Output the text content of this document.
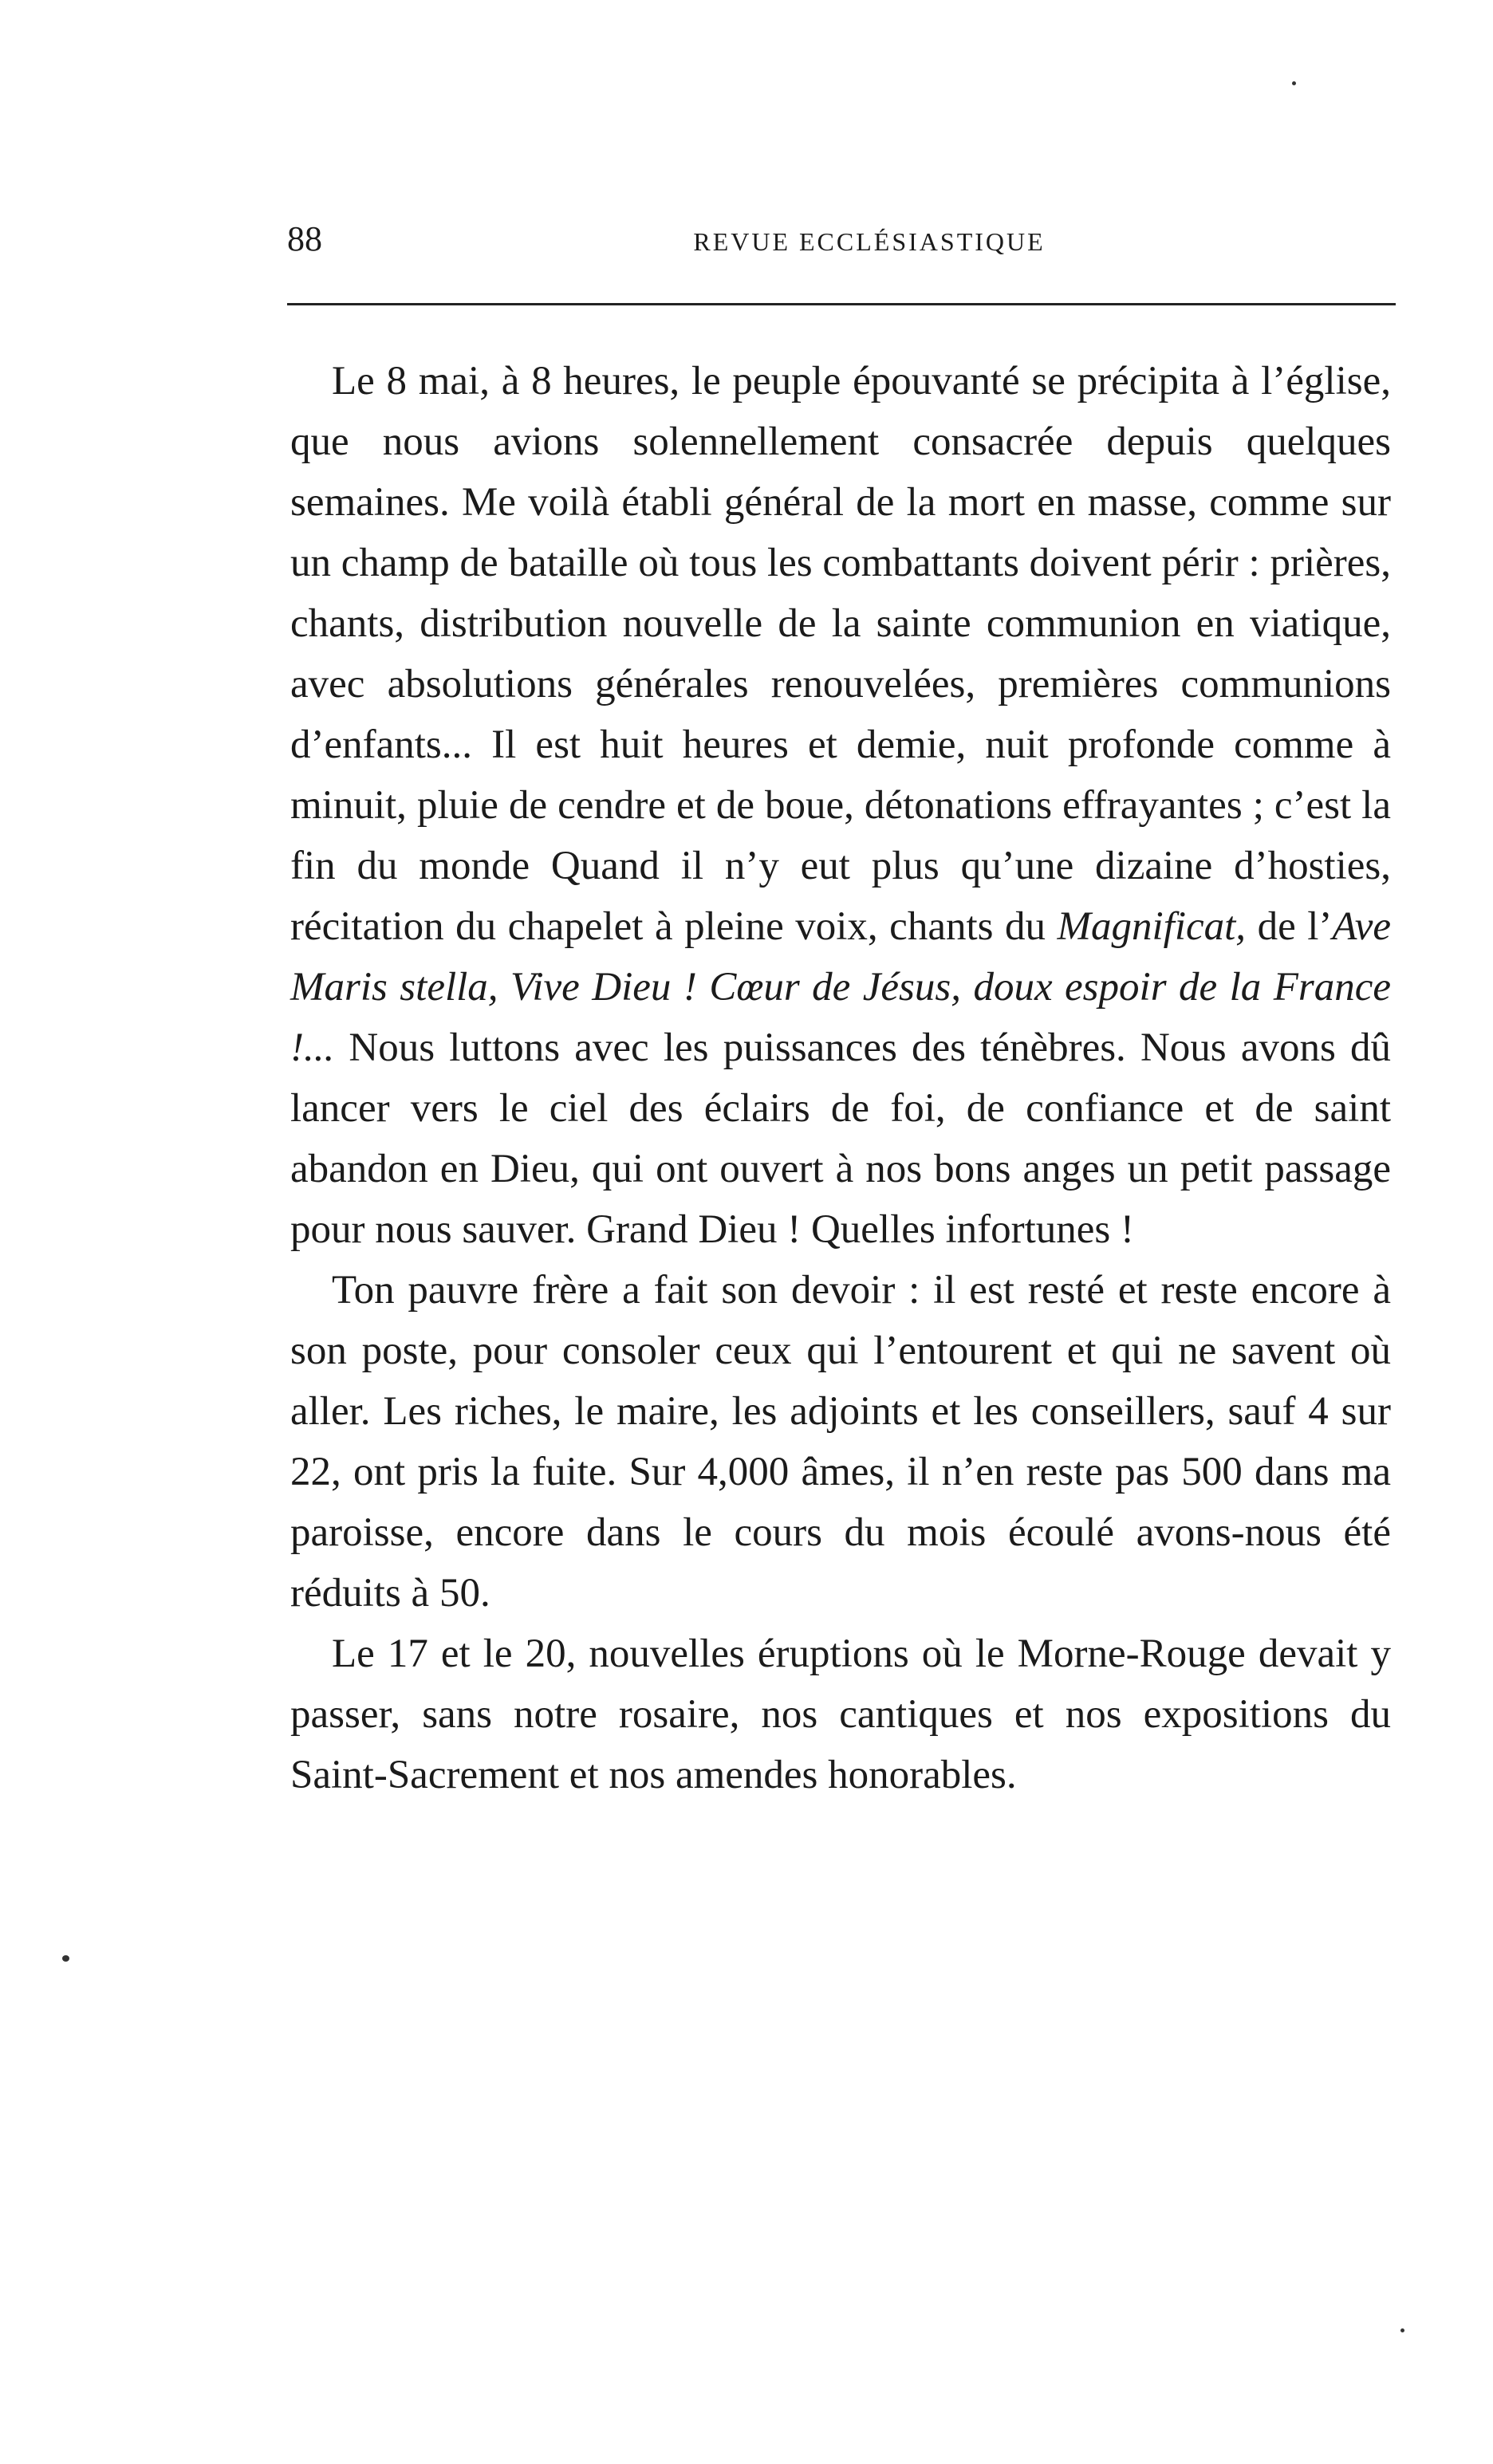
88	REVUE ECCLÉSIASTIQUE

Le 8 mai, à 8 heures, le peuple épouvanté se précipita à l’église, que nous avions solennellement consacrée depuis quelques semaines. Me voilà établi général de la mort en masse, comme sur un champ de bataille où tous les combattants doivent périr : prières, chants, distribution nouvelle de la sainte communion en viatique, avec absolutions générales renouvelées, premières communions d’enfants... Il est huit heures et demie, nuit profonde comme à minuit, pluie de cendre et de boue, détonations effrayantes ; c’est la fin du monde Quand il n’y eut plus qu’une dizaine d’hosties, récitation du chapelet à pleine voix, chants du Magnificat, de l’Ave Maris stella, Vive Dieu ! Cœur de Jésus, doux espoir de la France !... Nous luttons avec les puissances des ténèbres. Nous avons dû lancer vers le ciel des éclairs de foi, de confiance et de saint abandon en Dieu, qui ont ouvert à nos bons anges un petit passage pour nous sauver. Grand Dieu ! Quelles infortunes !

Ton pauvre frère a fait son devoir : il est resté et reste encore à son poste, pour consoler ceux qui l’entourent et qui ne savent où aller. Les riches, le maire, les adjoints et les conseillers, sauf 4 sur 22, ont pris la fuite. Sur 4,000 âmes, il n’en reste pas 500 dans ma paroisse, encore dans le cours du mois écoulé avons-nous été réduits à 50.

Le 17 et le 20, nouvelles éruptions où le Morne-Rouge devait y passer, sans notre rosaire, nos cantiques et nos expositions du Saint-Sacrement et nos amendes honorables.
